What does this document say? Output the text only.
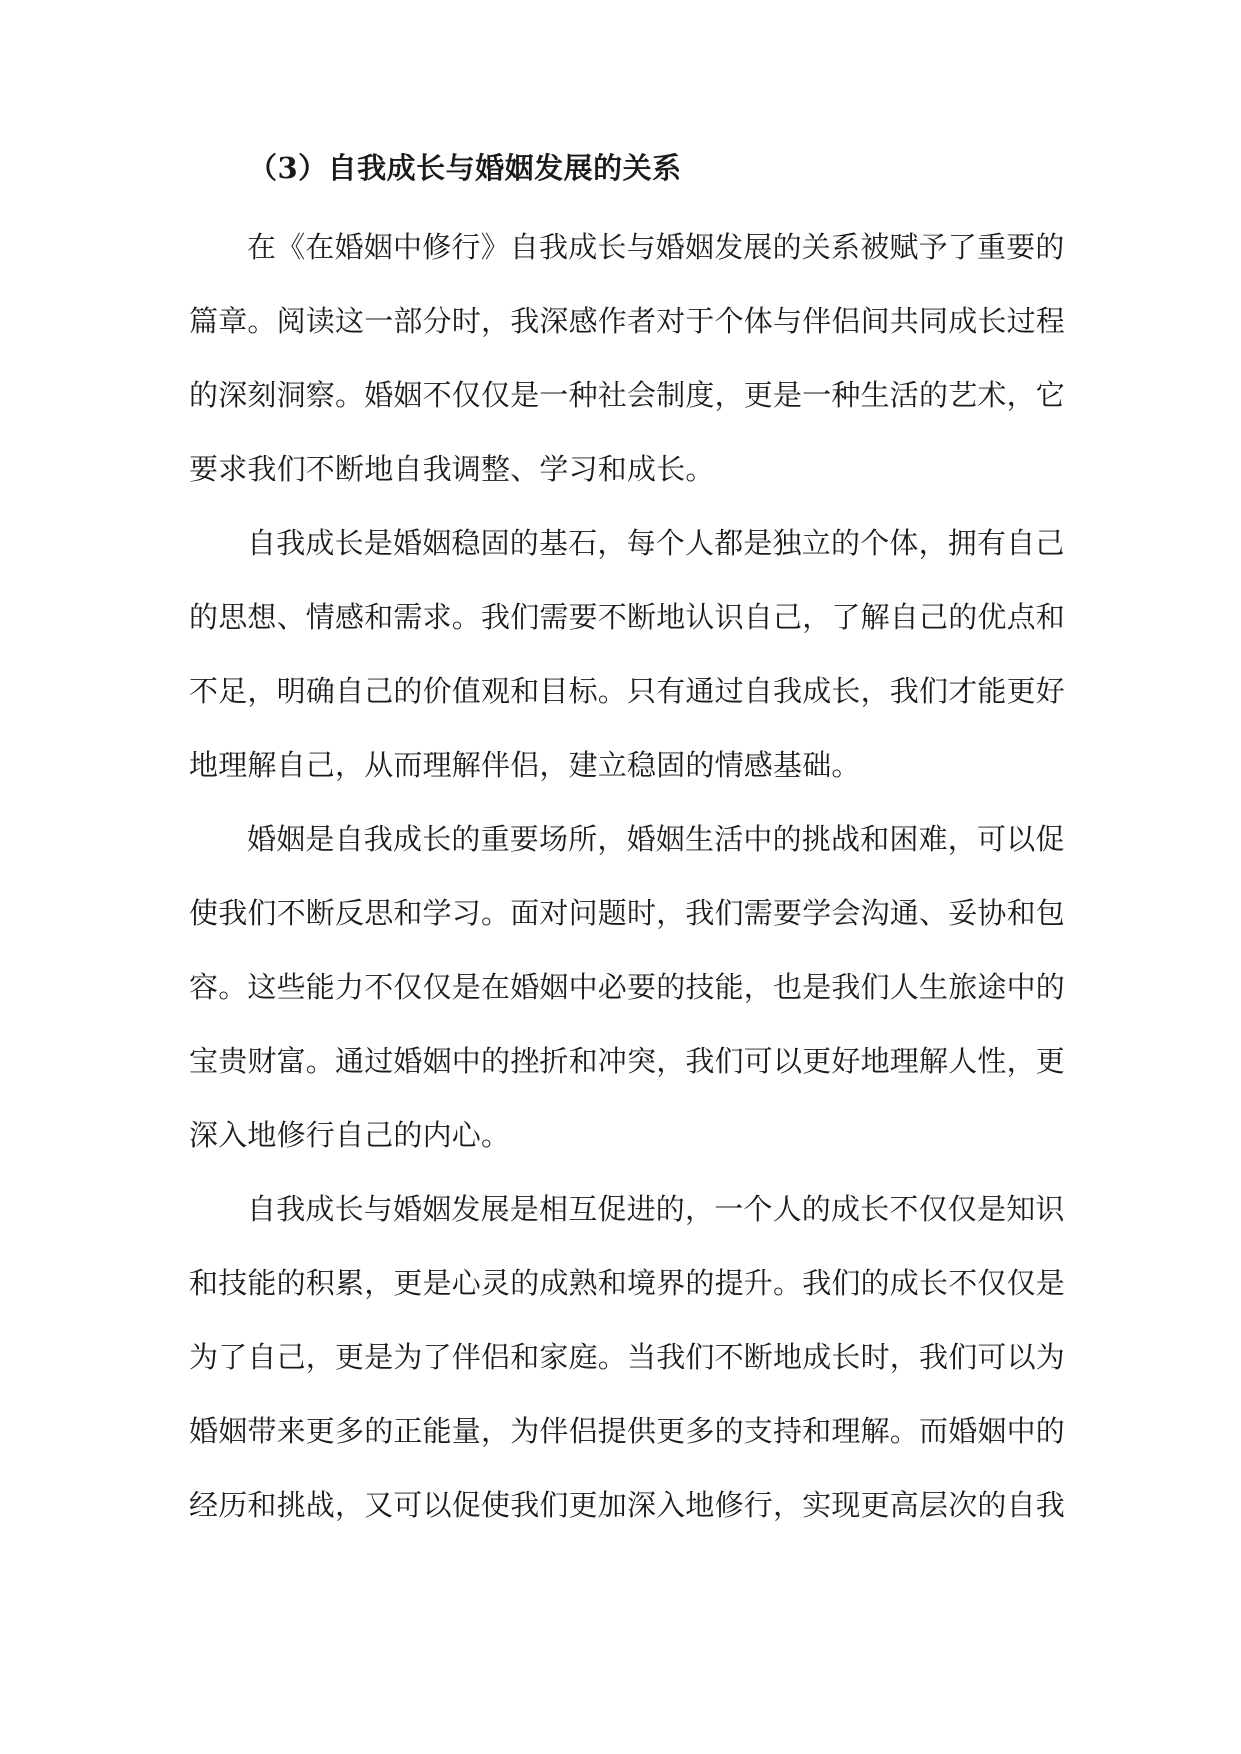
（3）自我成长与婚姻发展的关系
在《在婚姻中修行》自我成长与婚姻发展的关系被赋予了重要的
篇章。阅读这一部分时，我深感作者对于个体与伴侣间共同成长过程
的深刻洞察。婚姻不仅仅是一种社会制度，更是一种生活的艺术，它
要求我们不断地自我调整、学习和成长。
自我成长是婚姻稳固的基石，每个人都是独立的个体，拥有自己
的思想、情感和需求。我们需要不断地认识自己，了解自己的优点和
不足，明确自己的价值观和目标。只有通过自我成长，我们才能更好
地理解自己，从而理解伴侣，建立稳固的情感基础。
婚姻是自我成长的重要场所，婚姻生活中的挑战和困难，可以促
使我们不断反思和学习。面对问题时，我们需要学会沟通、妥协和包
容。这些能力不仅仅是在婚姻中必要的技能，也是我们人生旅途中的
宝贵财富。通过婚姻中的挫折和冲突，我们可以更好地理解人性，更
深入地修行自己的内心。
自我成长与婚姻发展是相互促进的，一个人的成长不仅仅是知识
和技能的积累，更是心灵的成熟和境界的提升。我们的成长不仅仅是
为了自己，更是为了伴侣和家庭。当我们不断地成长时，我们可以为
婚姻带来更多的正能量，为伴侣提供更多的支持和理解。而婚姻中的
经历和挑战，又可以促使我们更加深入地修行，实现更高层次的自我
